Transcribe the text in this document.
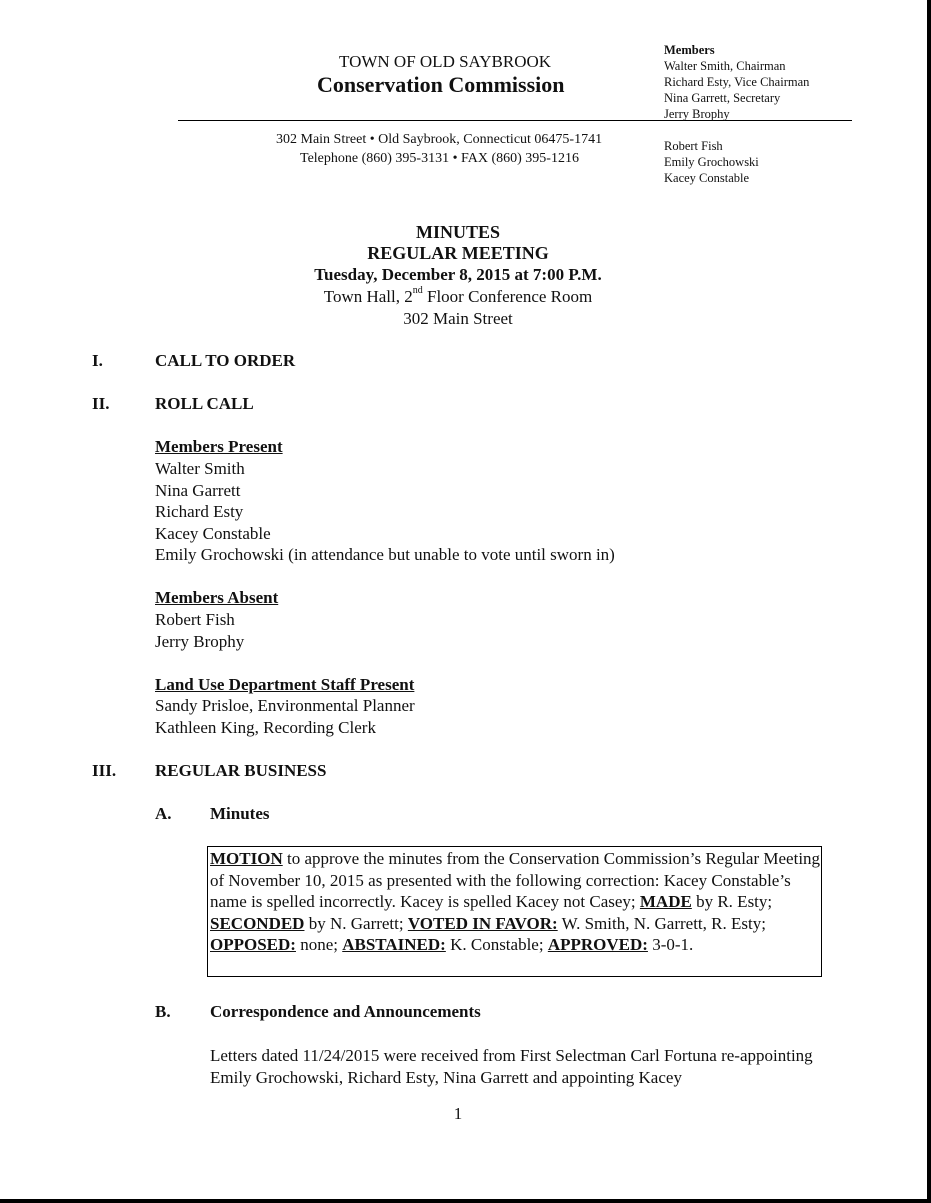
TOWN OF OLD SAYBROOK
Conservation Commission
302 Main Street • Old Saybrook, Connecticut 06475-1741
Telephone (860) 395-3131 • FAX (860) 395-1216
Members
Walter Smith, Chairman
Richard Esty, Vice Chairman
Nina Garrett, Secretary
Jerry Brophy
Robert Fish
Emily Grochowski
Kacey Constable
MINUTES
REGULAR MEETING
Tuesday, December 8, 2015 at 7:00 P.M.
Town Hall, 2nd Floor Conference Room
302 Main Street
I.	CALL TO ORDER
II.	ROLL CALL
Members Present
Walter Smith
Nina Garrett
Richard Esty
Kacey Constable
Emily Grochowski (in attendance but unable to vote until sworn in)
Members Absent
Robert Fish
Jerry Brophy
Land Use Department Staff Present
Sandy Prisloe, Environmental Planner
Kathleen King, Recording Clerk
III. REGULAR BUSINESS
A. Minutes
MOTION to approve the minutes from the Conservation Commission’s Regular Meeting of November 10, 2015 as presented with the following correction: Kacey Constable’s name is spelled incorrectly. Kacey is spelled Kacey not Casey; MADE by R. Esty; SECONDED by N. Garrett; VOTED IN FAVOR: W. Smith, N. Garrett, R. Esty; OPPOSED: none; ABSTAINED: K. Constable; APPROVED: 3-0-1.
B. Correspondence and Announcements
Letters dated 11/24/2015 were received from First Selectman Carl Fortuna re-appointing Emily Grochowski, Richard Esty, Nina Garrett and appointing Kacey
1
